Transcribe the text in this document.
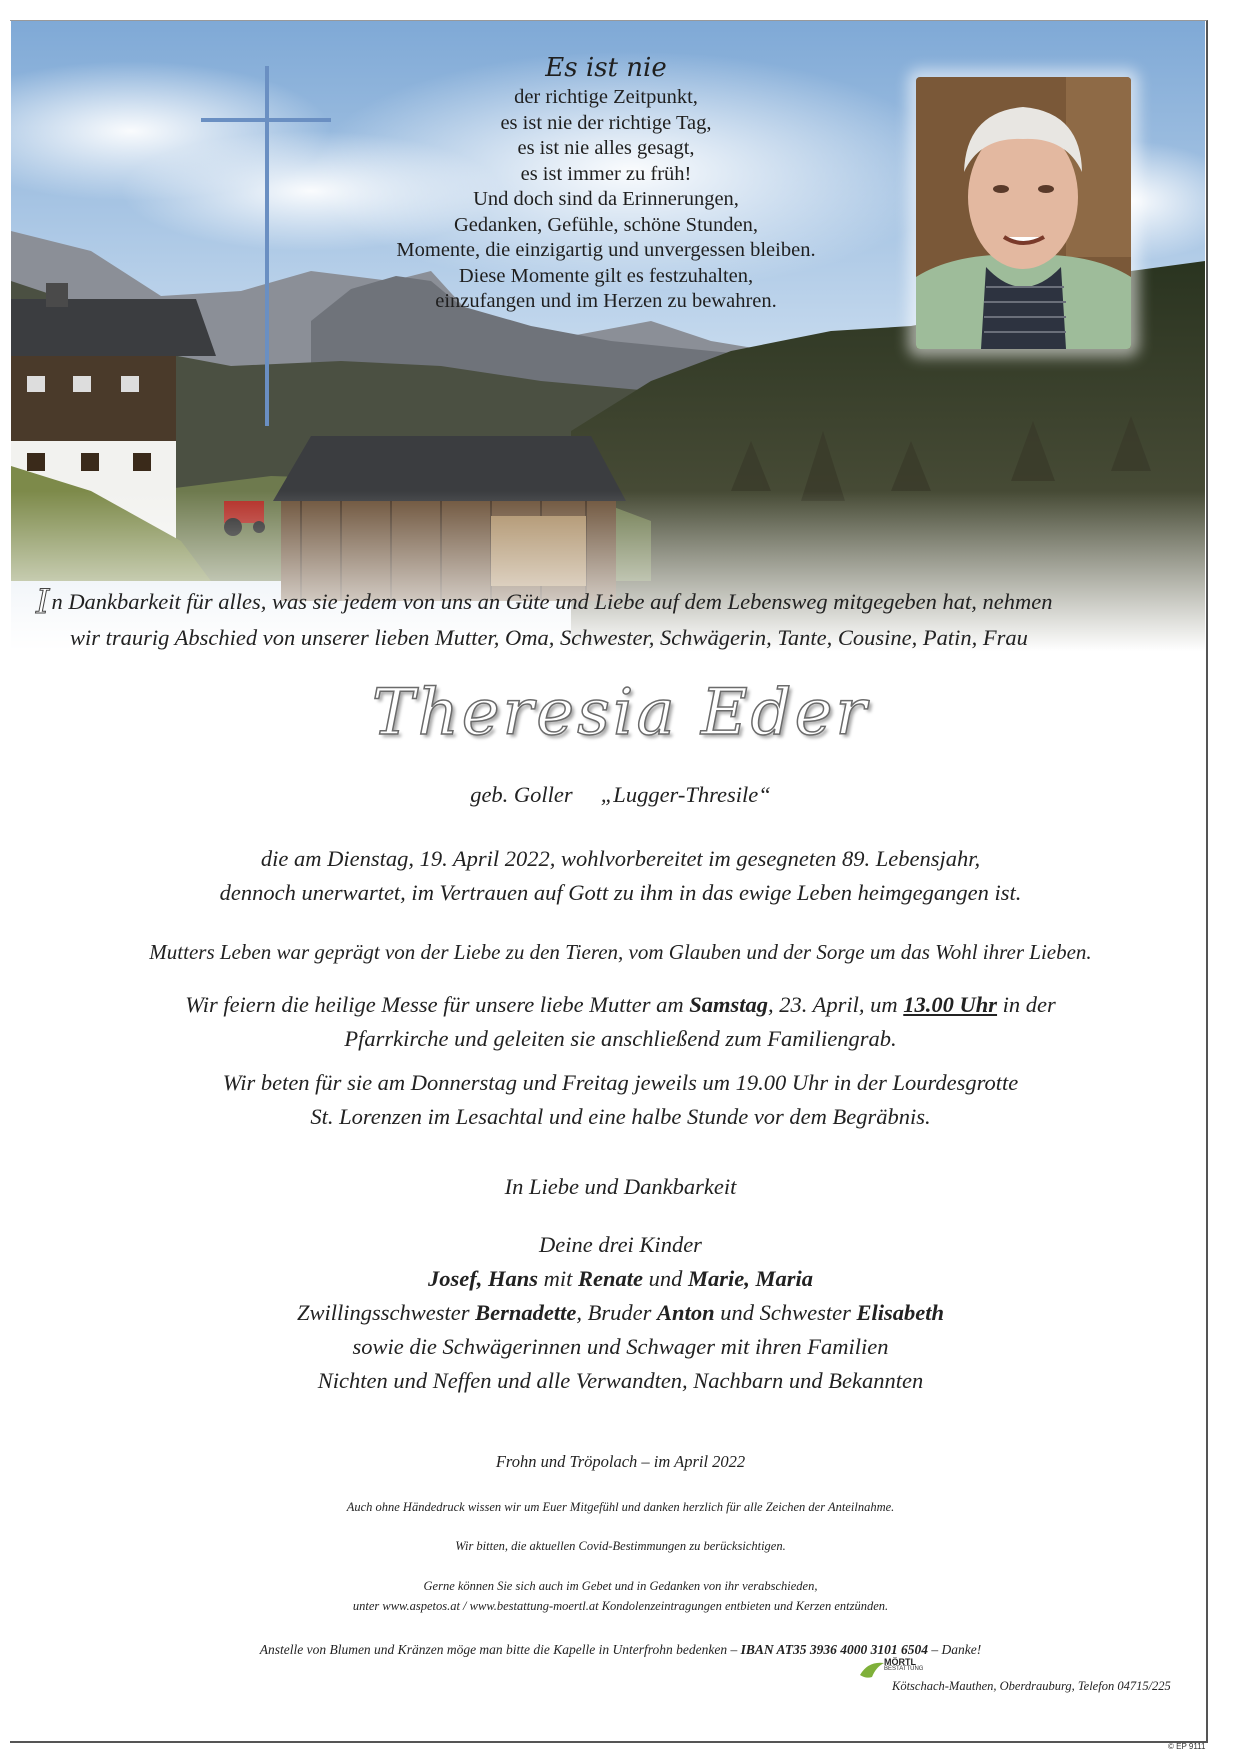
Es ist nie
der richtige Zeitpunkt,
es ist nie der richtige Tag,
es ist nie alles gesagt,
es ist immer zu früh!
Und doch sind da Erinnerungen,
Gedanken, Gefühle, schöne Stunden,
Momente, die einzigartig und unvergessen bleiben.
Diese Momente gilt es festzuhalten,
einzufangen und im Herzen zu bewahren.
In Dankbarkeit für alles, was sie jedem von uns an Güte und Liebe auf dem Lebensweg mitgegeben hat, nehmen
wir traurig Abschied von unserer lieben Mutter, Oma, Schwester, Schwägerin, Tante, Cousine, Patin, Frau
Theresia Eder
geb. Goller „Lugger-Thresile“
die am Dienstag, 19. April 2022, wohlvorbereitet im gesegneten 89. Lebensjahr,
dennoch unerwartet, im Vertrauen auf Gott zu ihm in das ewige Leben heimgegangen ist.
Mutters Leben war geprägt von der Liebe zu den Tieren, vom Glauben und der Sorge um das Wohl ihrer Lieben.
Wir feiern die heilige Messe für unsere liebe Mutter am Samstag, 23. April, um 13.00 Uhr in der
Pfarrkirche und geleiten sie anschließend zum Familiengrab.
Wir beten für sie am Donnerstag und Freitag jeweils um 19.00 Uhr in der Lourdesgrotte
St. Lorenzen im Lesachtal und eine halbe Stunde vor dem Begräbnis.
In Liebe und Dankbarkeit
Deine drei Kinder
Josef, Hans mit Renate und Marie, Maria
Zwillingsschwester Bernadette, Bruder Anton und Schwester Elisabeth
sowie die Schwägerinnen und Schwager mit ihren Familien
Nichten und Neffen und alle Verwandten, Nachbarn und Bekannten
Frohn und Tröpolach – im April 2022
Auch ohne Händedruck wissen wir um Euer Mitgefühl und danken herzlich für alle Zeichen der Anteilnahme.
Wir bitten, die aktuellen Covid-Bestimmungen zu berücksichtigen.
Gerne können Sie sich auch im Gebet und in Gedanken von ihr verabschieden,
unter www.aspetos.at / www.bestattung-moertl.at Kondolenzeintragungen entbieten und Kerzen entzünden.
Anstelle von Blumen und Kränzen möge man bitte die Kapelle in Unterfrohn bedenken – IBAN AT35 3936 4000 3101 6504 – Danke!
MÖRTL
BESTATTUNG
Kötschach-Mauthen, Oberdrauburg, Telefon 04715/225
© EP 9111
